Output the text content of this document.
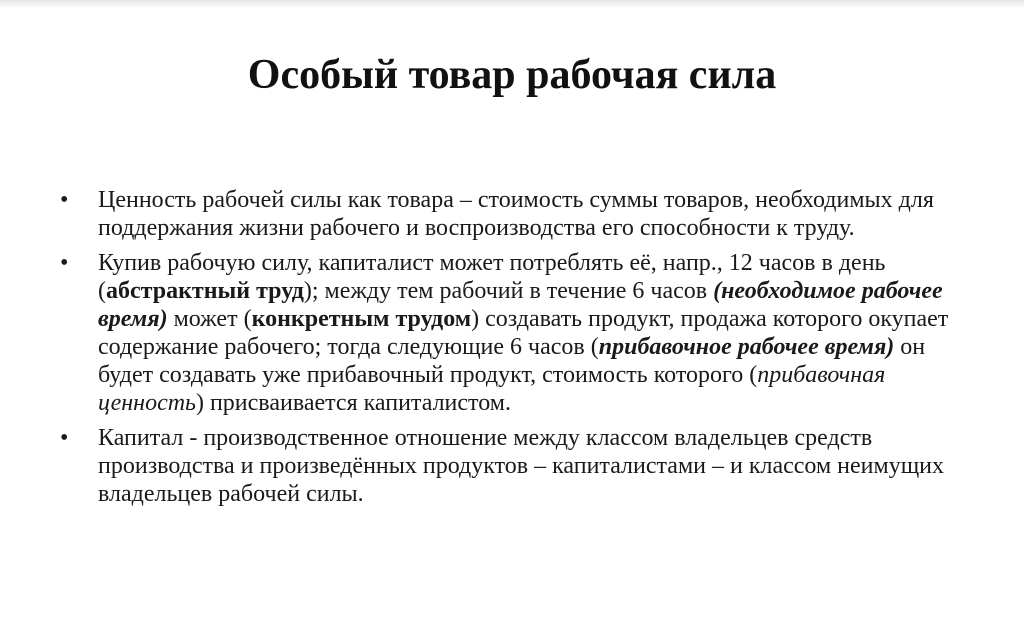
Особый товар рабочая сила
•	Ценность рабочей силы как товара – стоимость суммы товаров, необходимых для поддержания жизни рабочего и воспроизводства его способности к труду.
•	Купив рабочую силу, капиталист может потреблять её, напр., 12 часов в день (абстрактный труд); между тем рабочий в течение 6 часов (необходимое рабочее время) может (конкретным трудом) создавать продукт, продажа которого окупает содержание рабочего; тогда следующие 6 часов (прибавочное рабочее время) он будет создавать уже прибавочный продукт, стоимость которого (прибавочная ценность) присваивается капиталистом.
•	Капитал - производственное отношение между классом владельцев средств производства и произведённых продуктов – капиталистами – и классом неимущих владельцев рабочей силы.
